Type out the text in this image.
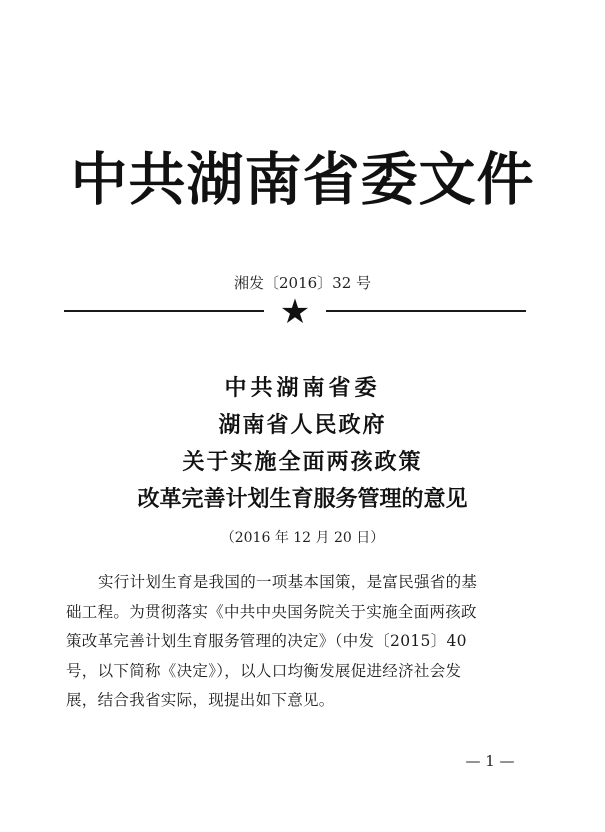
中共湖南省委文件
湘发〔2016〕32 号
★
中共湖南省委
湖南省人民政府
关于实施全面两孩政策
改革完善计划生育服务管理的意见
（2016 年 12 月 20 日）
实行计划生育是我国的一项基本国策，是富民强省的基
础工程。为贯彻落实《中共中央国务院关于实施全面两孩政
策改革完善计划生育服务管理的决定》（中发〔2015〕40
号，以下简称《决定》），以人口均衡发展促进经济社会发
展，结合我省实际，现提出如下意见。
— 1 —
